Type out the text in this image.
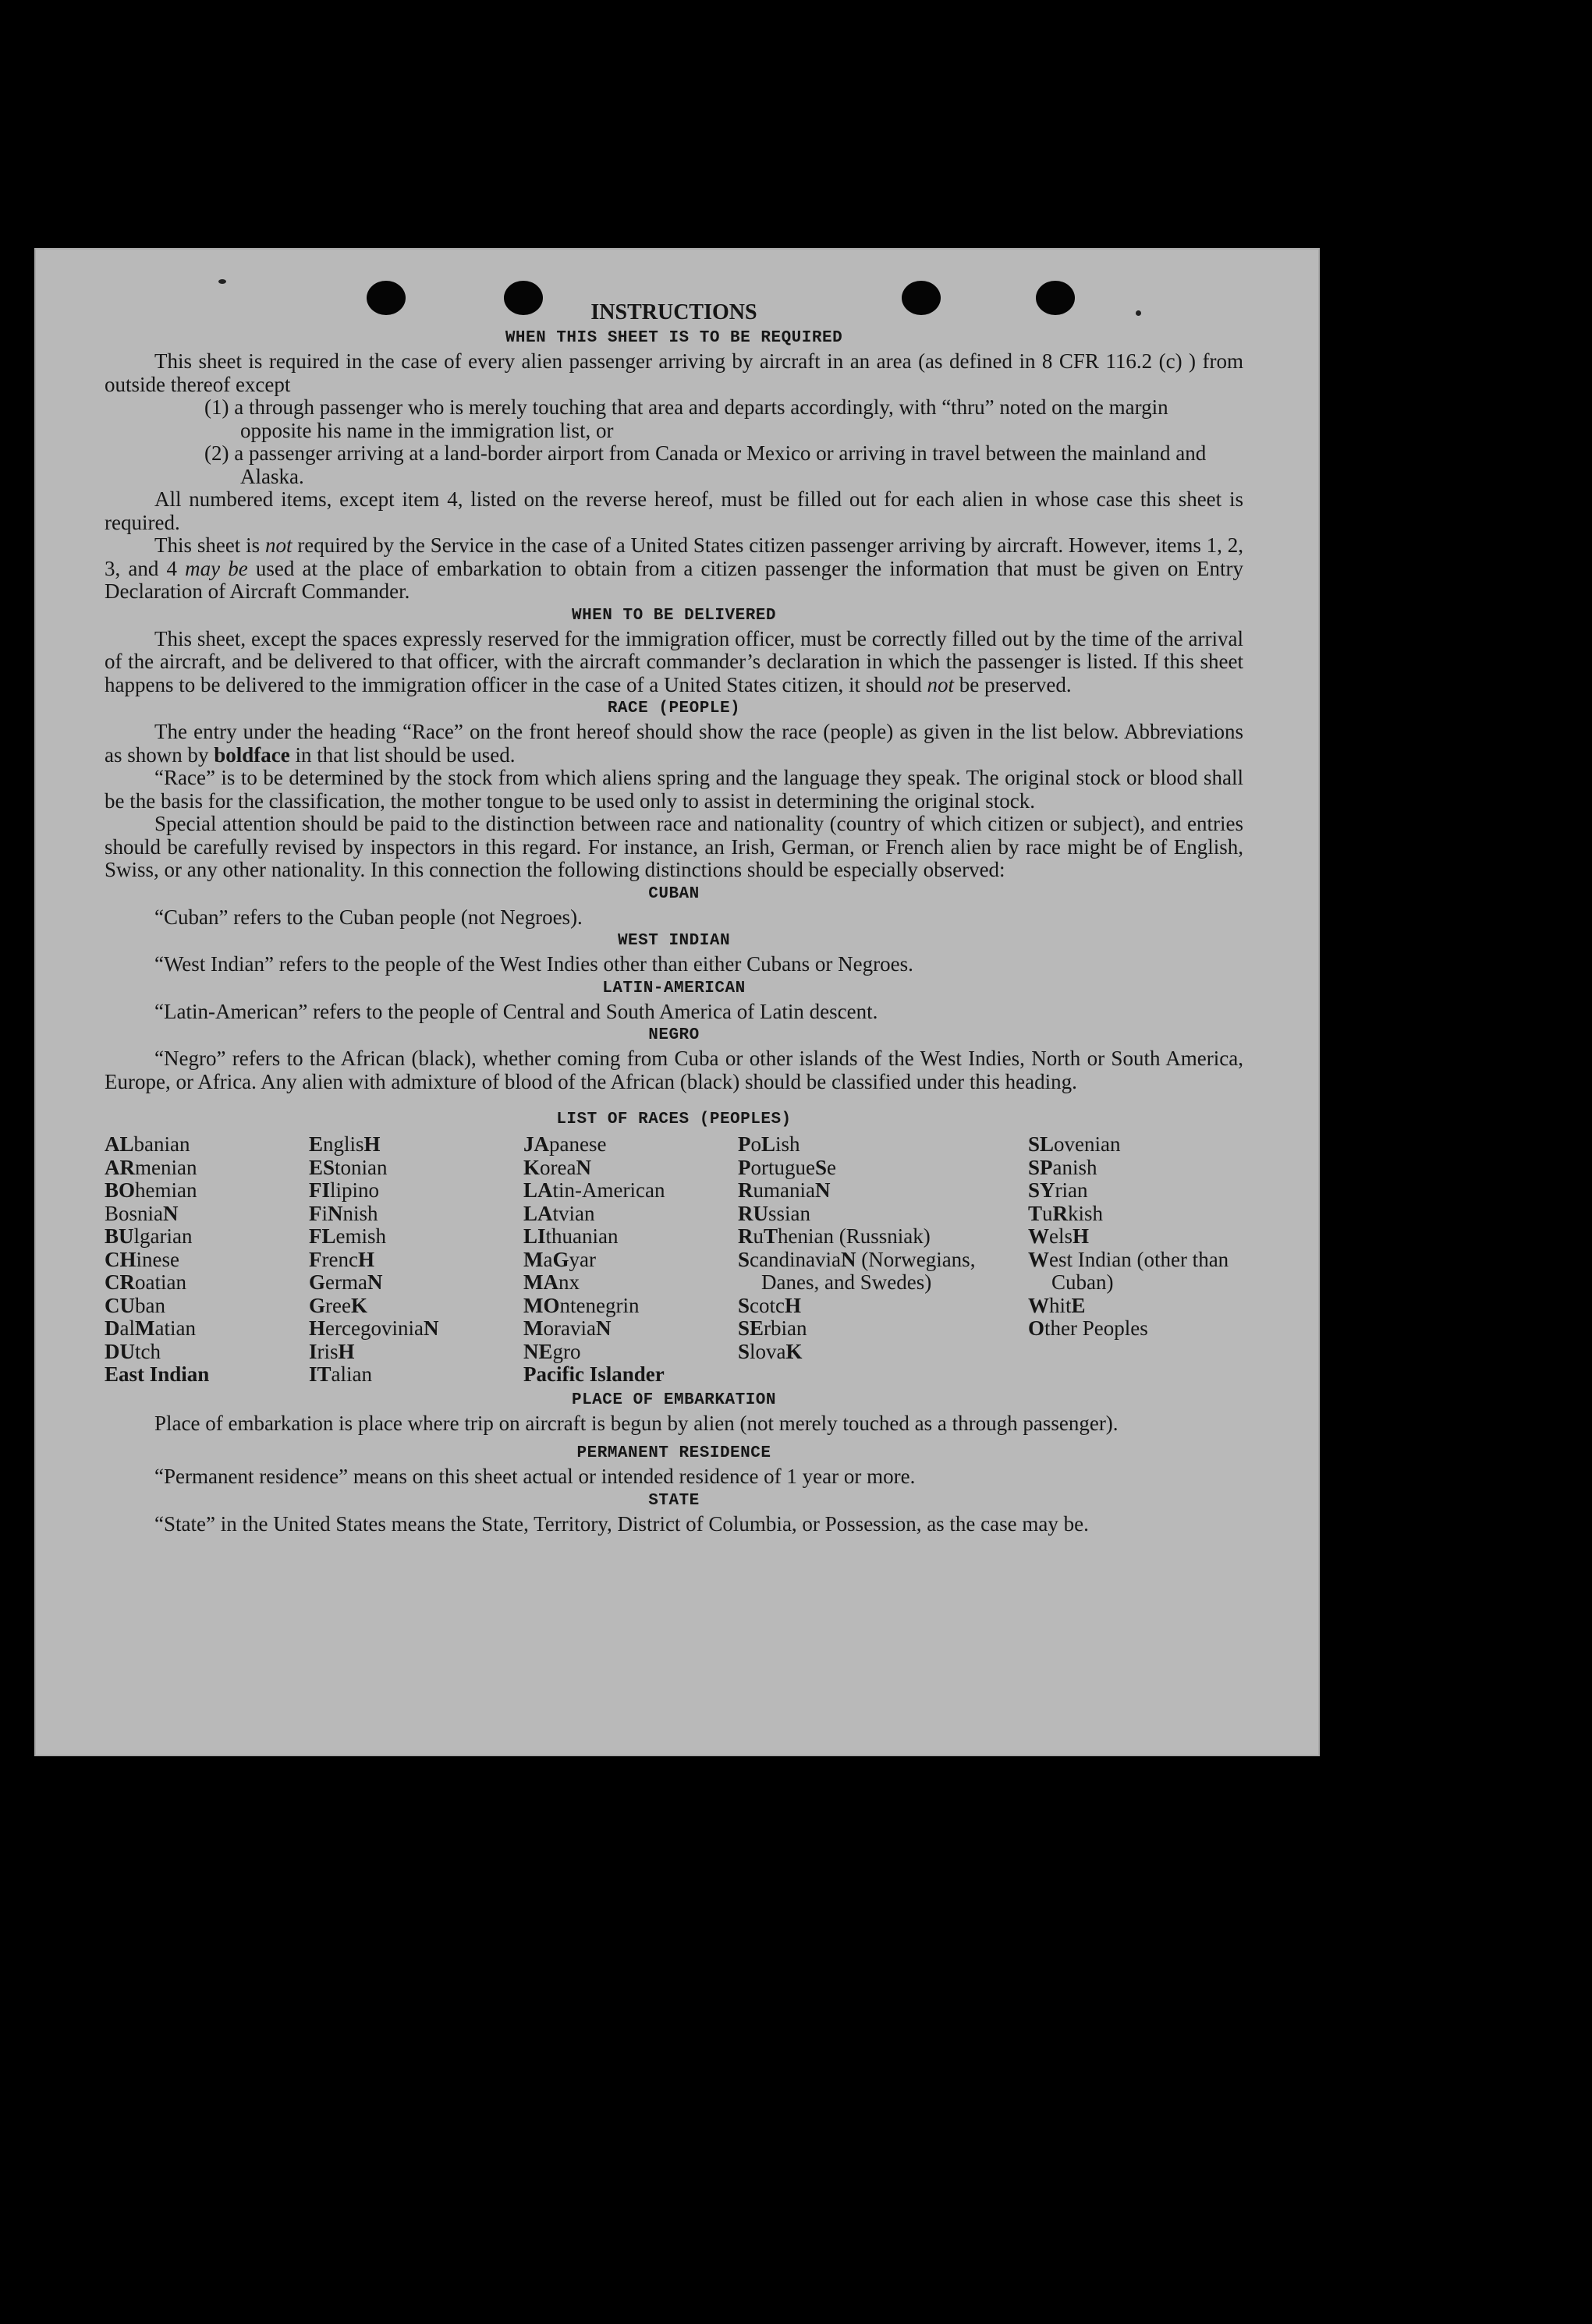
INSTRUCTIONS
WHEN THIS SHEET IS TO BE REQUIRED

This sheet is required in the case of every alien passenger arriving by aircraft in an area (as defined in 8 CFR 116.2 (c) ) from outside thereof except

(1) a through passenger who is merely touching that area and departs accordingly, with “thru” noted on the margin opposite his name in the immigration list, or
(2) a passenger arriving at a land-border airport from Canada or Mexico or arriving in travel between the mainland and Alaska.

All numbered items, except item 4, listed on the reverse hereof, must be filled out for each alien in whose case this sheet is required.

This sheet is not required by the Service in the case of a United States citizen passenger arriving by aircraft. However, items 1, 2, 3, and 4 may be used at the place of embarkation to obtain from a citizen passenger the information that must be given on Entry Declaration of Aircraft Commander.

WHEN TO BE DELIVERED

This sheet, except the spaces expressly reserved for the immigration officer, must be correctly filled out by the time of the arrival of the aircraft, and be delivered to that officer, with the aircraft commander’s declaration in which the passenger is listed. If this sheet happens to be delivered to the immigration officer in the case of a United States citizen, it should not be preserved.

RACE (PEOPLE)

The entry under the heading “Race” on the front hereof should show the race (people) as given in the list below. Abbreviations as shown by boldface in that list should be used.

“Race” is to be determined by the stock from which aliens spring and the language they speak. The original stock or blood shall be the basis for the classification, the mother tongue to be used only to assist in determining the original stock.

Special attention should be paid to the distinction between race and nationality (country of which citizen or subject), and entries should be carefully revised by inspectors in this regard. For instance, an Irish, German, or French alien by race might be of English, Swiss, or any other nationality. In this connection the following distinctions should be especially observed:

CUBAN

“Cuban” refers to the Cuban people (not Negroes).

WEST INDIAN

“West Indian” refers to the people of the West Indies other than either Cubans or Negroes.

LATIN-AMERICAN

“Latin-American” refers to the people of Central and South America of Latin descent.

NEGRO

“Negro” refers to the African (black), whether coming from Cuba or other islands of the West Indies, North or South America, Europe, or Africa. Any alien with admixture of blood of the African (black) should be classified under this heading.

LIST OF RACES (PEOPLES)
ALbanian
ARmenian
BOhemian
BosniaN
BUlgarian
CHinese
CRoatian
CUban
DalMatian
DUtch
East Indian
EnglisH
EStonian
FIlipino
FiNnish
FLemish
FrencH
GermaN
GreeK
HercegoviniaN
IrisH
ITalian
JApanese
KoreaN
LAtin-American
LAtvian
LIthuanian
MaGyar
MAnx
MOntenegrin
MoraviaN
NEgro
Pacific Islander
PoLish
PortugueSe
RumaniaN
RUssian
RuThenian (Russniak)
ScandinaviaN (Norwegians, Danes, and Swedes)
ScotcH
SErbian
SlovaK
SLovenian
SPanish
SYrian
TuRkish
WelsH
West Indian (other than Cuban)
WhitE
Other Peoples
PLACE OF EMBARKATION

Place of embarkation is place where trip on aircraft is begun by alien (not merely touched as a through passenger).

PERMANENT RESIDENCE

“Permanent residence” means on this sheet actual or intended residence of 1 year or more.

STATE

“State” in the United States means the State, Territory, District of Columbia, or Possession, as the case may be.
